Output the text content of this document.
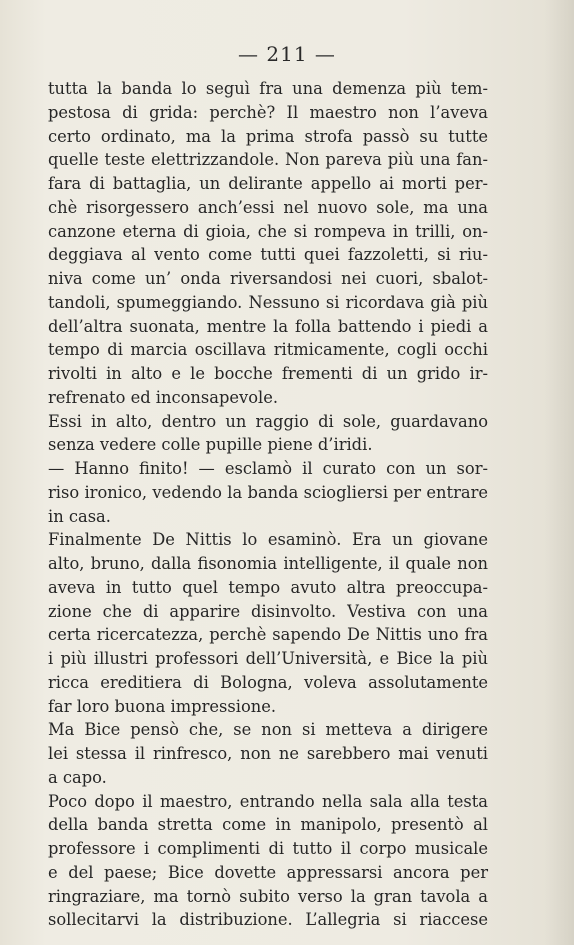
— 211 —
tutta la banda lo seguì fra una demenza più tem-
pestosa di grida: perchè? Il maestro non l’aveva
certo ordinato, ma la prima strofa passò su tutte
quelle teste elettrizzandole. Non pareva più una fan-
fara di battaglia, un delirante appello ai morti per-
chè risorgessero anch’essi nel nuovo sole, ma una
canzone eterna di gioia, che si rompeva in trilli, on-
deggiava al vento come tutti quei fazzoletti, si riu-
niva come un’ onda riversandosi nei cuori, sbalot-
tandoli, spumeggiando. Nessuno si ricordava già più
dell’altra suonata, mentre la folla battendo i piedi a
tempo di marcia oscillava ritmicamente, cogli occhi
rivolti in alto e le bocche frementi di un grido ir-
refrenato ed inconsapevole.
Essi in alto, dentro un raggio di sole, guardavano
senza vedere colle pupille piene d’iridi.
— Hanno finito! — esclamò il curato con un sor-
riso ironico, vedendo la banda sciogliersi per entrare
in casa.
Finalmente De Nittis lo esaminò. Era un giovane
alto, bruno, dalla fisonomia intelligente, il quale non
aveva in tutto quel tempo avuto altra preoccupa-
zione che di apparire disinvolto. Vestiva con una
certa ricercatezza, perchè sapendo De Nittis uno fra
i più illustri professori dell’Università, e Bice la più
ricca ereditiera di Bologna, voleva assolutamente
far loro buona impressione.
Ma Bice pensò che, se non si metteva a dirigere
lei stessa il rinfresco, non ne sarebbero mai venuti
a capo.
Poco dopo il maestro, entrando nella sala alla testa
della banda stretta come in manipolo, presentò al
professore i complimenti di tutto il corpo musicale
e del paese; Bice dovette appressarsi ancora per
ringraziare, ma tornò subito verso la gran tavola a
sollecitarvi la distribuzione. L’allegria si riaccese
